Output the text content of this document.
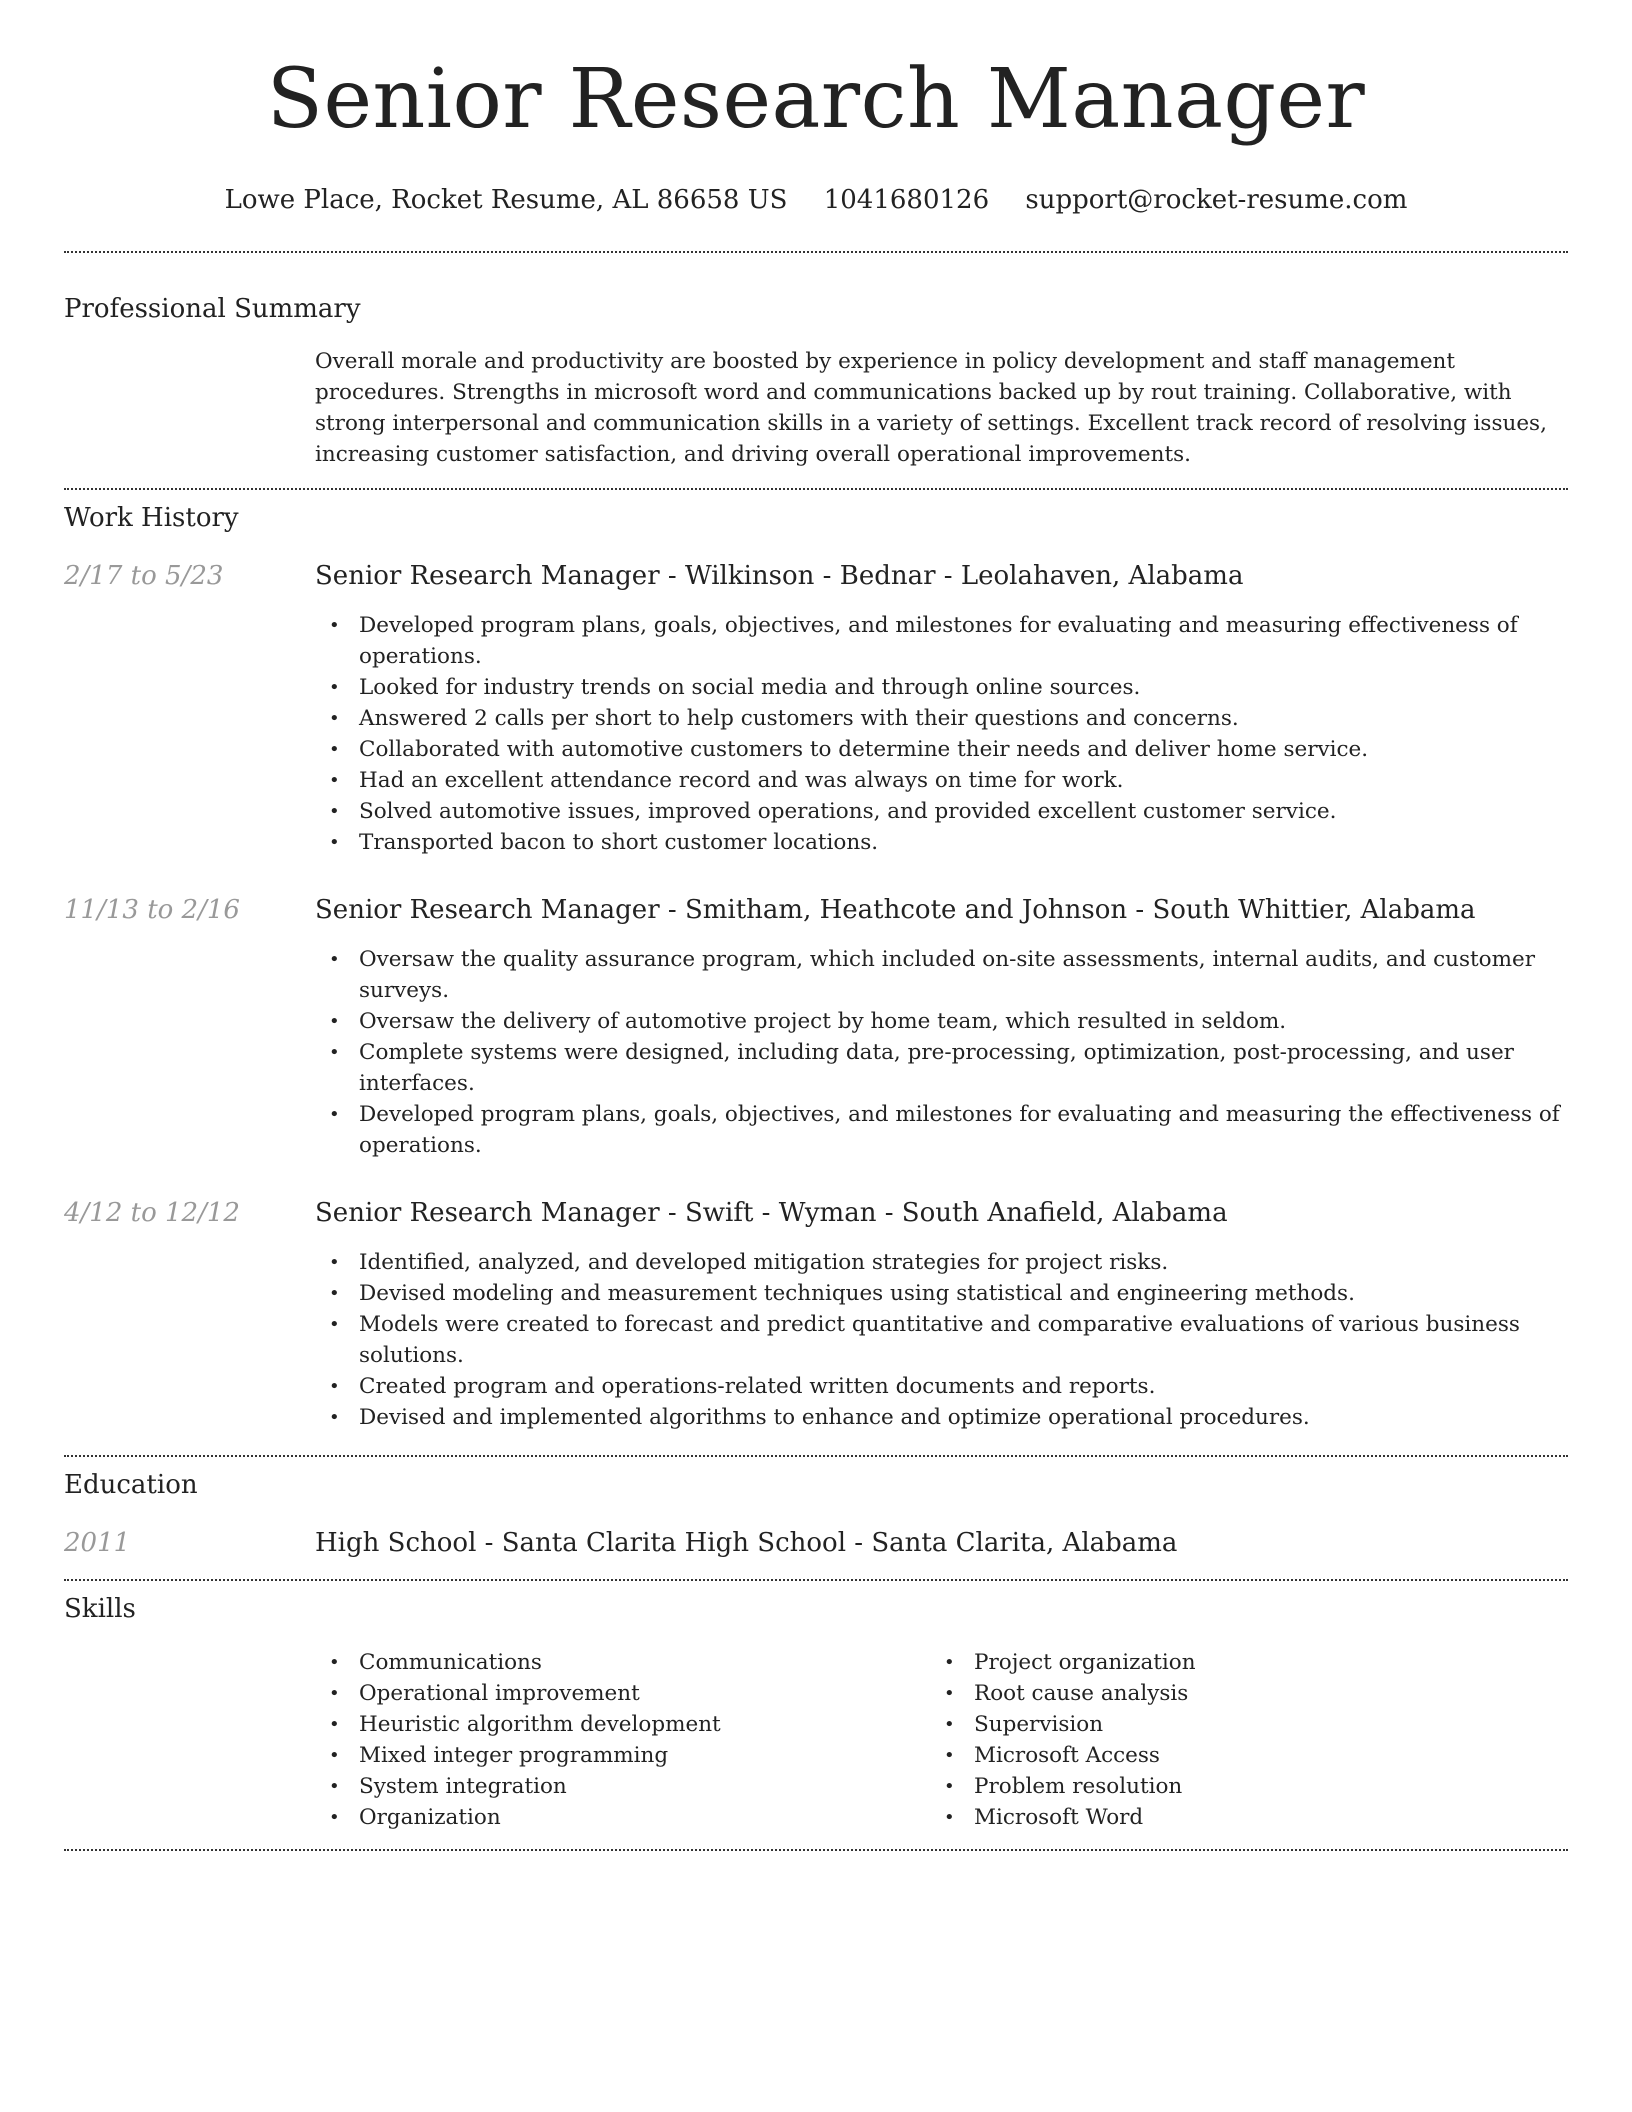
Senior Research Manager
Lowe Place, Rocket Resume, AL 86658 US 1041680126 support@rocket-resume.com
Professional Summary

Overall morale and productivity are boosted by experience in policy development and staff management procedures. Strengths in microsoft word and communications backed up by rout training. Collaborative, with strong interpersonal and communication skills in a variety of settings. Excellent track record of resolving issues, increasing customer satisfaction, and driving overall operational improvements.

Work History
2/17 to 5/23	Senior Research Manager - Wilkinson - Bednar - Leolahaven, Alabama
• Developed program plans, goals, objectives, and milestones for evaluating and measuring effectiveness of operations.
• Looked for industry trends on social media and through online sources.
• Answered 2 calls per short to help customers with their questions and concerns.
• Collaborated with automotive customers to determine their needs and deliver home service.
• Had an excellent attendance record and was always on time for work.
• Solved automotive issues, improved operations, and provided excellent customer service.
• Transported bacon to short customer locations.
11/13 to 2/16	Senior Research Manager - Smitham, Heathcote and Johnson - South Whittier, Alabama
• Oversaw the quality assurance program, which included on-site assessments, internal audits, and customer surveys.
• Oversaw the delivery of automotive project by home team, which resulted in seldom.
• Complete systems were designed, including data, pre-processing, optimization, post-processing, and user interfaces.
• Developed program plans, goals, objectives, and milestones for evaluating and measuring the effectiveness of operations.
4/12 to 12/12	Senior Research Manager - Swift - Wyman - South Anafield, Alabama
• Identified, analyzed, and developed mitigation strategies for project risks.
• Devised modeling and measurement techniques using statistical and engineering methods.
• Models were created to forecast and predict quantitative and comparative evaluations of various business solutions.
• Created program and operations-related written documents and reports.
• Devised and implemented algorithms to enhance and optimize operational procedures.
Education
2011	High School - Santa Clarita High School - Santa Clarita, Alabama
Skills
• Communications
• Operational improvement
• Heuristic algorithm development
• Mixed integer programming
• System integration
• Organization
• Project organization
• Root cause analysis
• Supervision
• Microsoft Access
• Problem resolution
• Microsoft Word
